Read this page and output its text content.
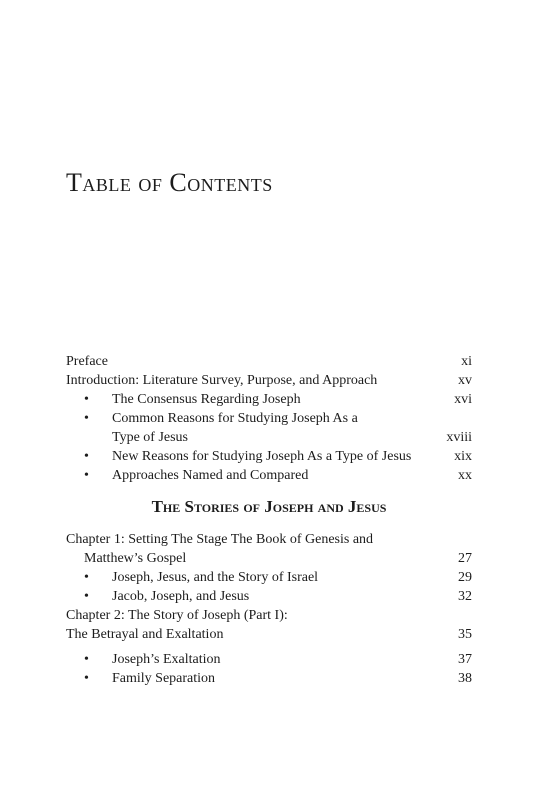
Table of Contents
Preface	xi
Introduction: Literature Survey, Purpose, and Approach	xv
• The Consensus Regarding Joseph	xvi
• Common Reasons for Studying Joseph As a
Type of Jesus	xviii
• New Reasons for Studying Joseph As a Type of Jesus	xix
• Approaches Named and Compared	xx
The Stories of Joseph and Jesus
Chapter 1: Setting The Stage The Book of Genesis and
Matthew’s Gospel	27
• Joseph, Jesus, and the Story of Israel	29
• Jacob, Joseph, and Jesus	32
Chapter 2: The Story of Joseph (Part I):
The Betrayal and Exaltation	35
• Joseph’s Exaltation	37
• Family Separation	38
